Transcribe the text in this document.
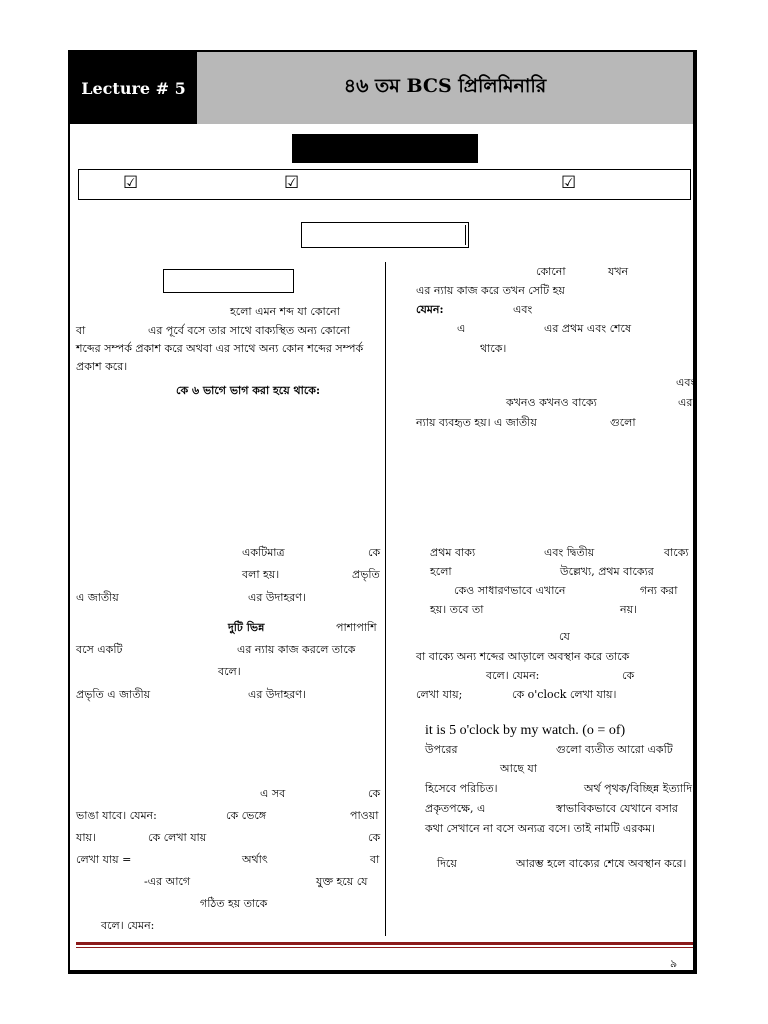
Lecture # 5	৪৬ তম BCS প্রিলিমিনারি
☑	☑	☑
হলো এমন শব্দ যা কোনো
বা	এর পূর্বে বসে তার সাথে বাক্যস্থিত অন্য কোনো
শব্দের সম্পর্ক প্রকাশ করে অথবা এর সাথে অন্য কোন শব্দের সম্পর্ক
প্রকাশ করে।
কে ৬ ভাগে ভাগ করা হয়ে থাকে:
একটিমাত্র	কে
বলা হয়।	প্রভৃতি
এ জাতীয়	এর উদাহরণ।
দুটি ভিন্ন	পাশাপাশি
বসে একটি	এর ন্যায় কাজ করলে তাকে
বলে।
প্রভৃতি এ জাতীয়	এর উদাহরণ।
এ সব	কে
ভাঙা যাবে। যেমন:	কে ভেঙ্গে	পাওয়া
যায়।	কে লেখা যায়	কে
লেখা যায় =	অর্থাৎ	বা
-এর আগে	যুক্ত হয়ে যে
গঠিত হয় তাকে
বলে। যেমন:
কোনো	যখন
এর ন্যায় কাজ করে তখন সেটি হয়
যেমন:	এবং
এ	এর প্রথম এবং শেষে
থাকে।
এবং
কখনও কখনও বাক্যে	এর
ন্যায় ব্যবহৃত হয়। এ জাতীয়	গুলো
প্রথম বাক্য	এবং দ্বিতীয়	বাক্যে
হলো	উল্লেখ্য, প্রথম বাক্যের
কেও সাধারণভাবে এখানে	গন্য করা
হয়। তবে তা	নয়।
যে
বা বাক্যে অন্য শব্দের আড়ালে অবস্থান করে তাকে
বলে। যেমন:	কে
লেখা যায়;	কে o'clock লেখা যায়।
it is 5 o'clock by my watch. (o = of)
উপরের	গুলো ব্যতীত আরো একটি
আছে যা
হিসেবে পরিচিত।	অর্থ পৃথক/বিচ্ছিন্ন ইত্যাদি।
প্রকৃতপক্ষে, এ	স্বাভাবিকভাবে যেখানে বসার
কথা সেখানে না বসে অন্যত্র বসে। তাই নামটি এরকম।
দিয়ে	আরম্ভ হলে বাক্যের শেষে অবস্থান করে।
৯
